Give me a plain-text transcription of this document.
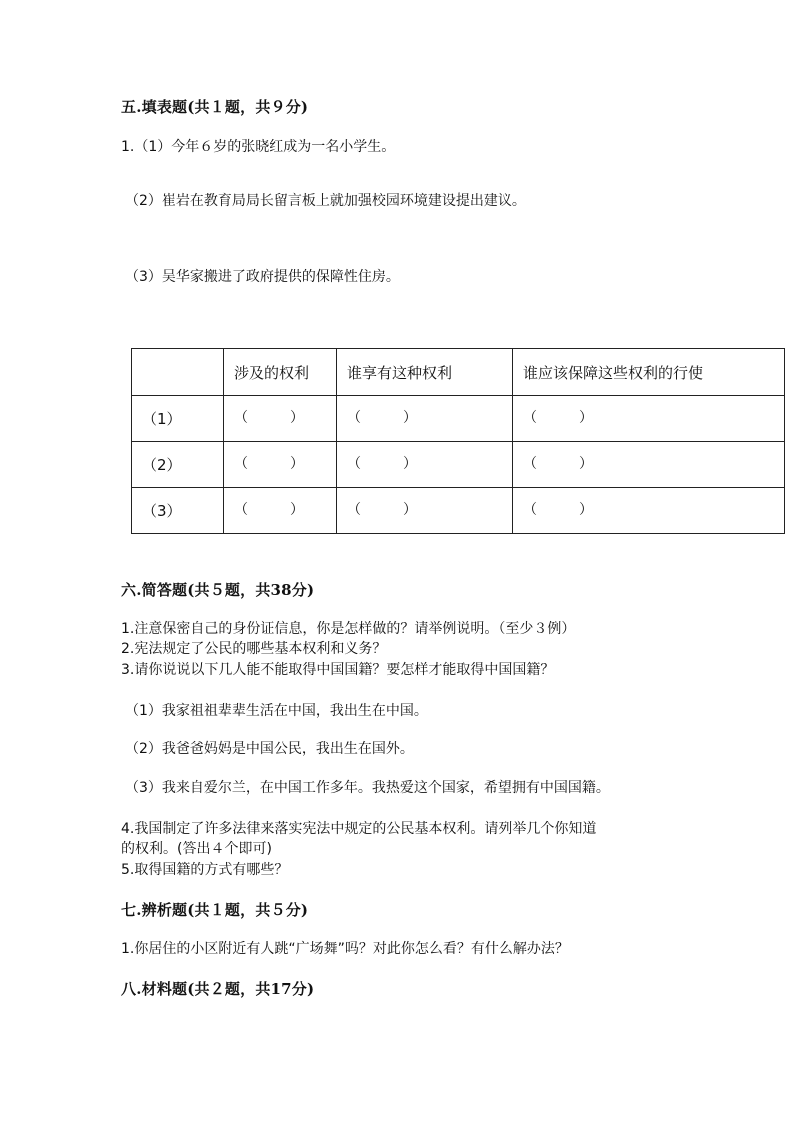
五.填表题(共１题，共９分)
1.（1）今年６岁的张晓红成为一名小学生。
（2）崔岩在教育局局长留言板上就加强校园环境建设提出建议。
（3）吴华家搬进了政府提供的保障性住房。
	涉及的权利	谁享有这种权利	谁应该保障这些权利的行使
（1）	（ ）	（ ）	（ ）

（2）	（ ）	（ ）	（ ）

（3）	（ ）	（ ）	（ ）
六.简答题(共５题，共38分)
1.注意保密自己的身份证信息，你是怎样做的？请举例说明。（至少３例）
2.宪法规定了公民的哪些基本权利和义务？
3.请你说说以下几人能不能取得中国国籍？要怎样才能取得中国国籍？
（1）我家祖祖辈辈生活在中国，我出生在中国。
（2）我爸爸妈妈是中国公民，我出生在国外。
（3）我来自爱尔兰，在中国工作多年。我热爱这个国家，希望拥有中国国籍。
4.我国制定了许多法律来落实宪法中规定的公民基本权利。请列举几个你知道
的权利。(答出４个即可)
5.取得国籍的方式有哪些？
七.辨析题(共１题，共５分)
1.你居住的小区附近有人跳“广场舞”吗？对此你怎么看？有什么解办法？
八.材料题(共２题，共17分)
